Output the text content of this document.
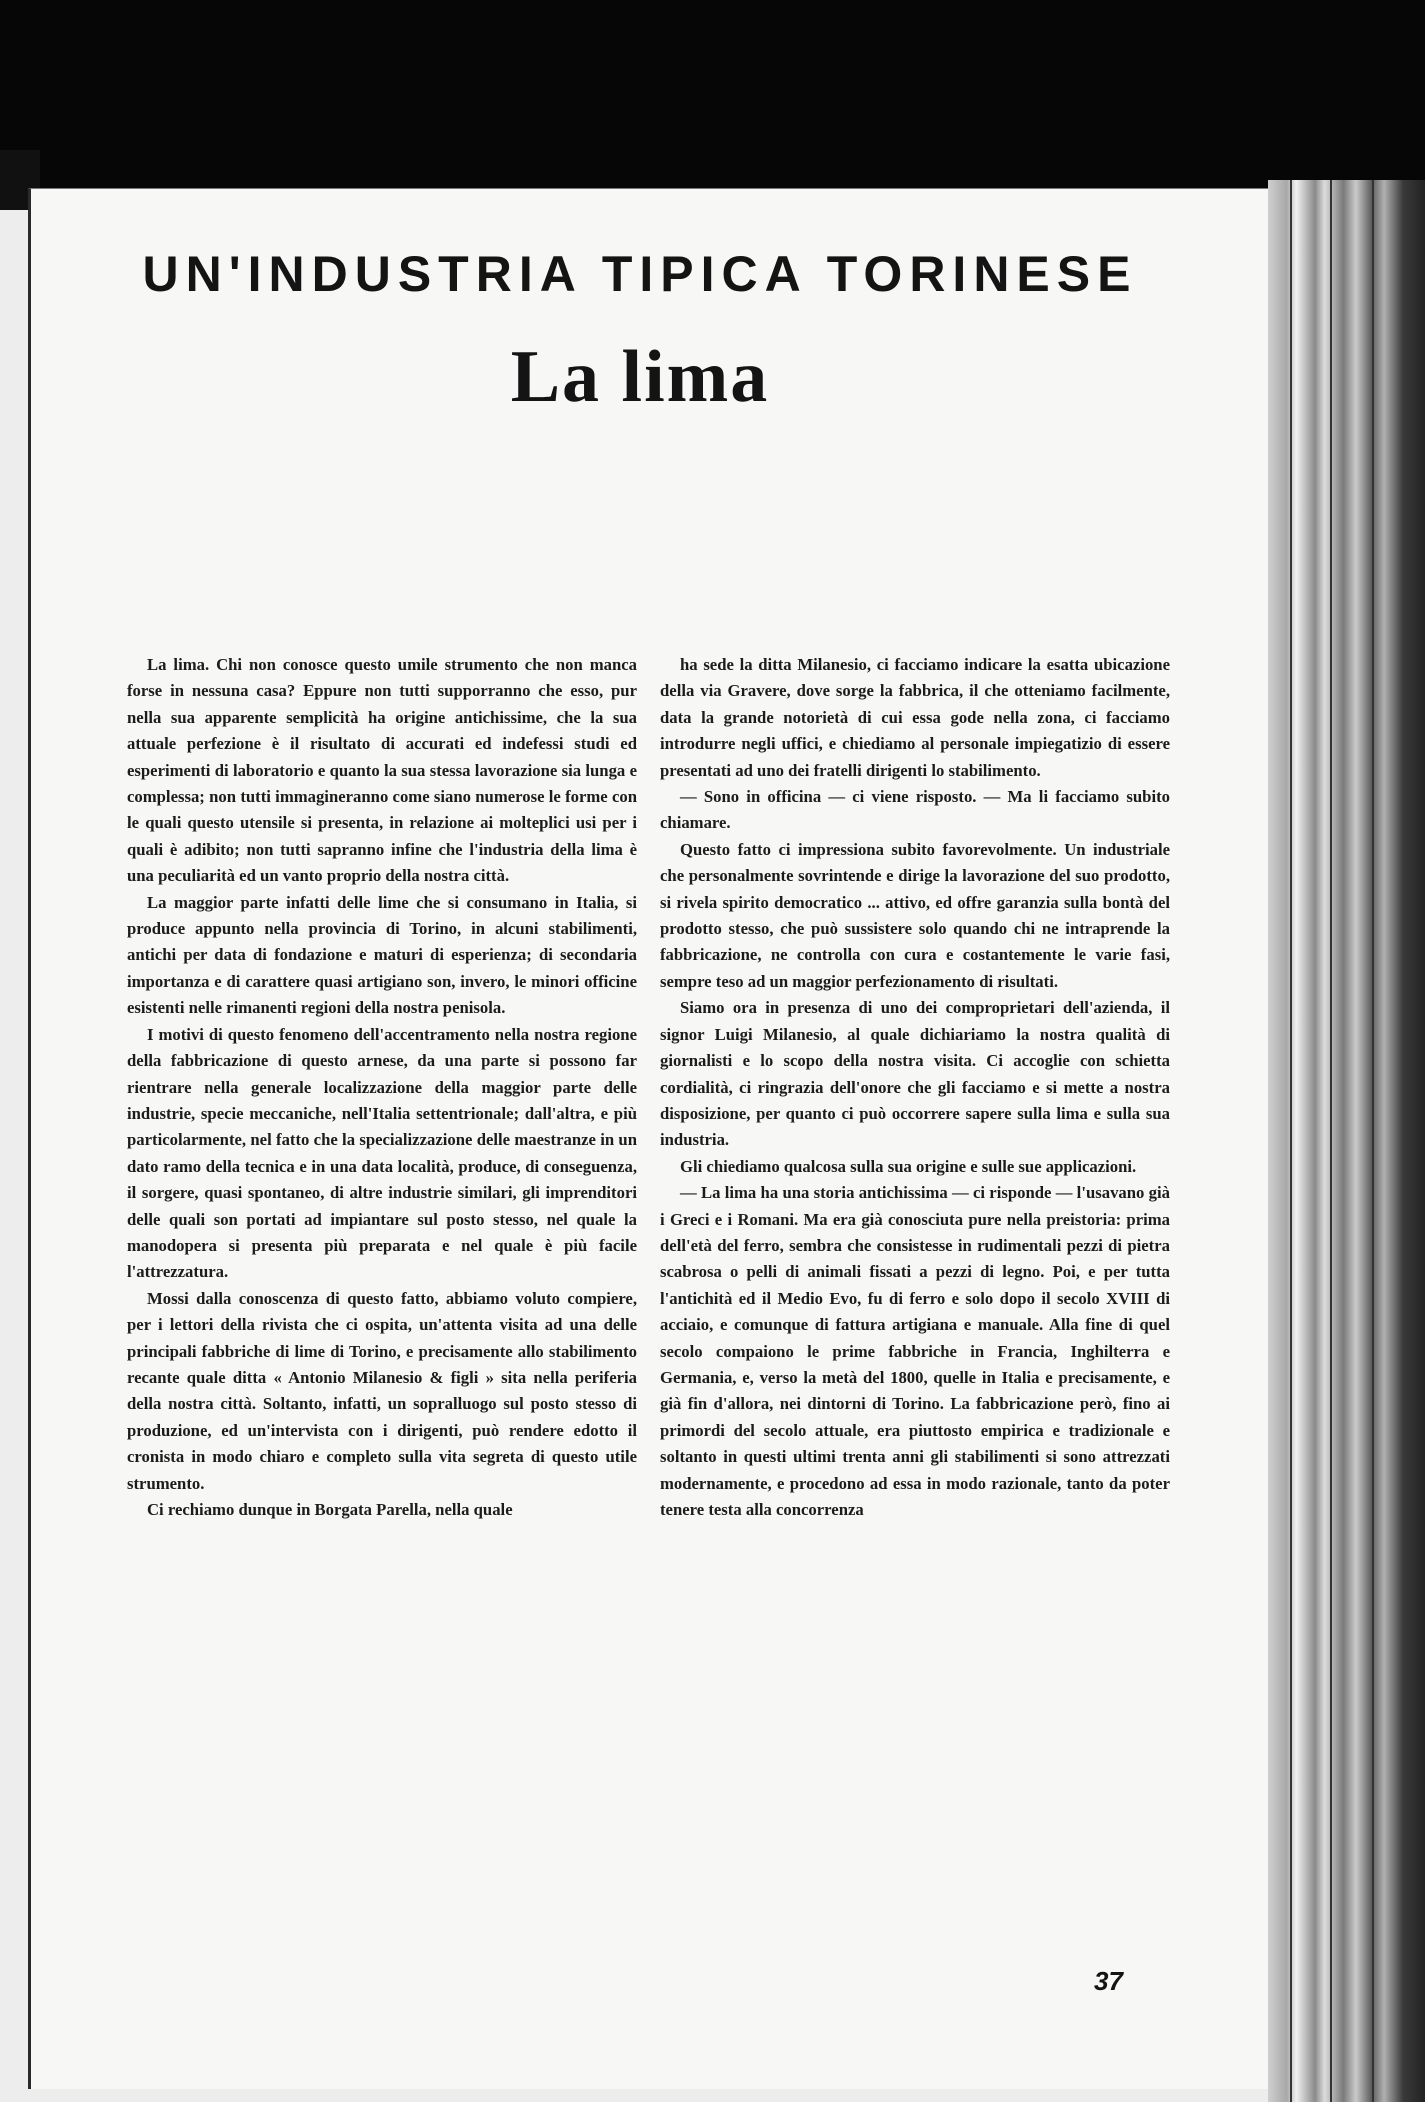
UN'INDUSTRIA TIPICA TORINESE
La lima

La lima. Chi non conosce questo umile strumento che non manca forse in nessuna casa? Eppure non tutti supporranno che esso, pur nella sua apparente semplicità ha origine antichissime, che la sua attuale perfezione è il risultato di accurati ed indefessi studi ed esperimenti di laboratorio e quanto la sua stessa lavorazione sia lunga e complessa; non tutti immagineranno come siano numerose le forme con le quali questo utensile si presenta, in relazione ai molteplici usi per i quali è adibito; non tutti sapranno infine che l'industria della lima è una peculiarità ed un vanto proprio della nostra città.

La maggior parte infatti delle lime che si consumano in Italia, si produce appunto nella provincia di Torino, in alcuni stabilimenti, antichi per data di fondazione e maturi di esperienza; di secondaria importanza e di carattere quasi artigiano son, invero, le minori officine esistenti nelle rimanenti regioni della nostra penisola.

I motivi di questo fenomeno dell'accentramento nella nostra regione della fabbricazione di questo arnese, da una parte si possono far rientrare nella generale localizzazione della maggior parte delle industrie, specie meccaniche, nell'Italia settentrionale; dall'altra, e più particolarmente, nel fatto che la specializzazione delle maestranze in un dato ramo della tecnica e in una data località, produce, di conseguenza, il sorgere, quasi spontaneo, di altre industrie similari, gli imprenditori delle quali son portati ad impiantare sul posto stesso, nel quale la manodopera si presenta più preparata e nel quale è più facile l'attrezzatura.

Mossi dalla conoscenza di questo fatto, abbiamo voluto compiere, per i lettori della rivista che ci ospita, un'attenta visita ad una delle principali fabbriche di lime di Torino, e precisamente allo stabilimento recante quale ditta « Antonio Milanesio & figli » sita nella periferia della nostra città. Soltanto, infatti, un sopralluogo sul posto stesso di produzione, ed un'intervista con i dirigenti, può rendere edotto il cronista in modo chiaro e completo sulla vita segreta di questo utile strumento.

Ci rechiamo dunque in Borgata Parella, nella quale

ha sede la ditta Milanesio, ci facciamo indicare la esatta ubicazione della via Gravere, dove sorge la fabbrica, il che otteniamo facilmente, data la grande notorietà di cui essa gode nella zona, ci facciamo introdurre negli uffici, e chiediamo al personale impiegatizio di essere presentati ad uno dei fratelli dirigenti lo stabilimento.

— Sono in officina — ci viene risposto. — Ma li facciamo subito chiamare.

Questo fatto ci impressiona subito favorevolmente. Un industriale che personalmente sovrintende e dirige la lavorazione del suo prodotto, si rivela spirito democratico ... attivo, ed offre garanzia sulla bontà del prodotto stesso, che può sussistere solo quando chi ne intraprende la fabbricazione, ne controlla con cura e costantemente le varie fasi, sempre teso ad un maggior perfezionamento di risultati.

Siamo ora in presenza di uno dei comproprietari dell'azienda, il signor Luigi Milanesio, al quale dichiariamo la nostra qualità di giornalisti e lo scopo della nostra visita. Ci accoglie con schietta cordialità, ci ringrazia dell'onore che gli facciamo e si mette a nostra disposizione, per quanto ci può occorrere sapere sulla lima e sulla sua industria.

Gli chiediamo qualcosa sulla sua origine e sulle sue applicazioni.

— La lima ha una storia antichissima — ci risponde — l'usavano già i Greci e i Romani. Ma era già conosciuta pure nella preistoria: prima dell'età del ferro, sembra che consistesse in rudimentali pezzi di pietra scabrosa o pelli di animali fissati a pezzi di legno. Poi, e per tutta l'antichità ed il Medio Evo, fu di ferro e solo dopo il secolo XVIII di acciaio, e comunque di fattura artigiana e manuale. Alla fine di quel secolo compaiono le prime fabbriche in Francia, Inghilterra e Germania, e, verso la metà del 1800, quelle in Italia e precisamente, e già fin d'allora, nei dintorni di Torino. La fabbricazione però, fino ai primordi del secolo attuale, era piuttosto empirica e tradizionale e soltanto in questi ultimi trenta anni gli stabilimenti si sono attrezzati modernamente, e procedono ad essa in modo razionale, tanto da poter tenere testa alla concorrenza

37
